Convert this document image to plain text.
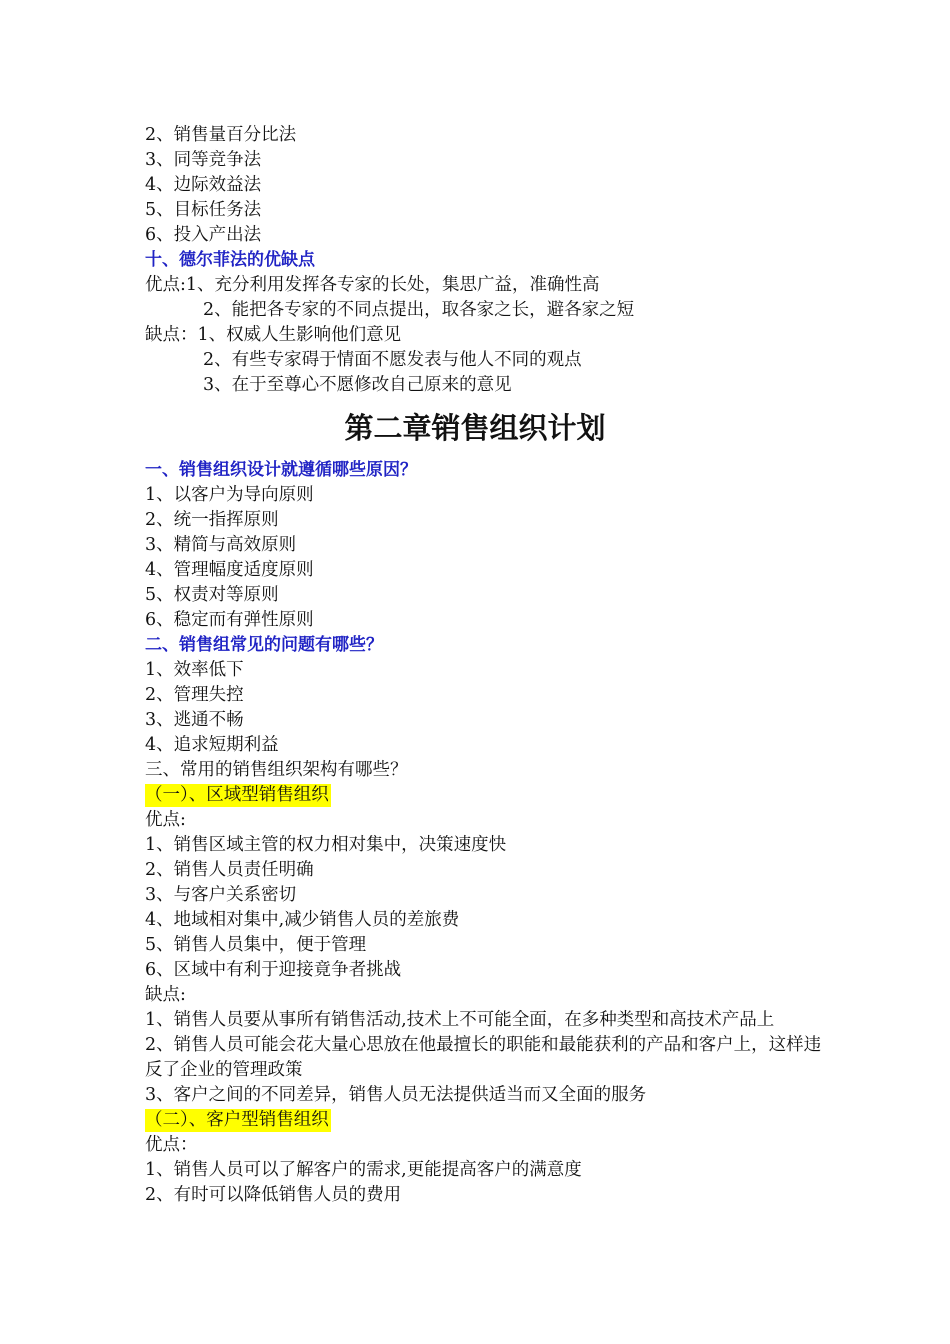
2、销售量百分比法
3、同等竞争法
4、边际效益法
5、目标任务法
6、投入产出法
十、德尔菲法的优缺点
优点:1、充分利用发挥各专家的长处，集思广益，准确性高
2、能把各专家的不同点提出，取各家之长，避各家之短
缺点：1、权威人生影响他们意见
2、有些专家碍于情面不愿发表与他人不同的观点
3、在于至尊心不愿修改自己原来的意见
第二章销售组织计划
一、销售组织设计就遵循哪些原因？
1、以客户为导向原则
2、统一指挥原则
3、精简与高效原则
4、管理幅度适度原则
5、权责对等原则
6、稳定而有弹性原则
二、销售组常见的问题有哪些？
1、效率低下
2、管理失控
3、逃通不畅
4、追求短期利益
三、常用的销售组织架构有哪些？
（一）、区域型销售组织
优点:
1、销售区域主管的权力相对集中，决策速度快
2、销售人员责任明确
3、与客户关系密切
4、地域相对集中,减少销售人员的差旅费
5、销售人员集中，便于管理
6、区域中有利于迎接竟争者挑战
缺点:
1、销售人员要从事所有销售活动,技术上不可能全面，在多种类型和高技术产品上
2、销售人员可能会花大量心思放在他最擅长的职能和最能获利的产品和客户上，这样违反了企业的管理政策
3、客户之间的不同差异，销售人员无法提供适当而又全面的服务
（二）、客户型销售组织
优点：
1、销售人员可以了解客户的需求,更能提高客户的满意度
2、有时可以降低销售人员的费用
